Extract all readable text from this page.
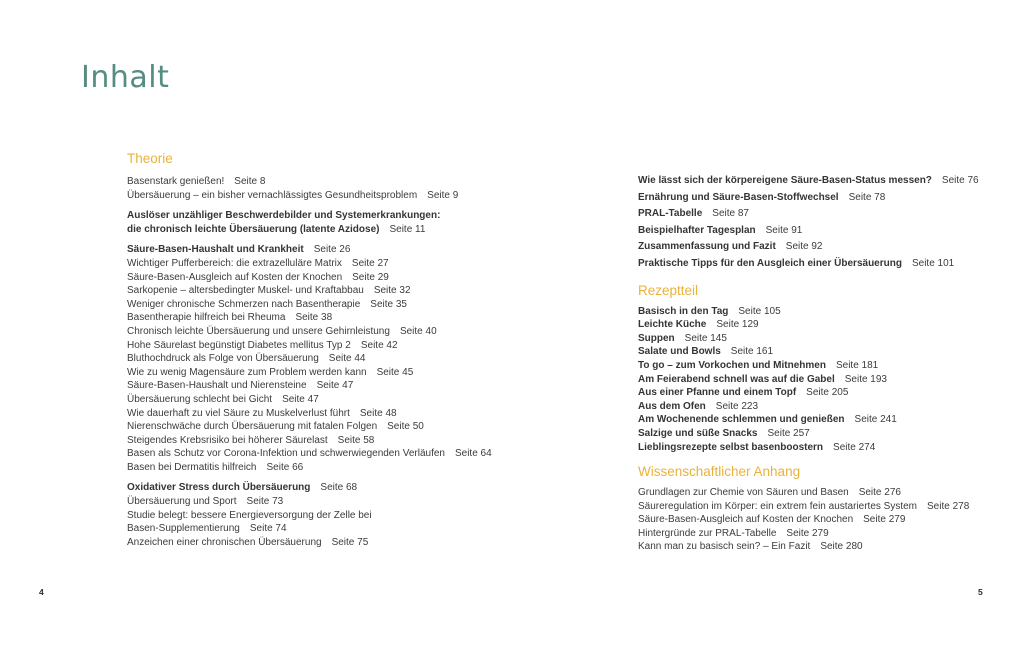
Inhalt
Theorie
Basenstark genießen! Seite 8
Übersäuerung – ein bisher vernachlässigtes Gesundheitsproblem Seite 9
Auslöser unzähliger Beschwerdebilder und Systemerkrankungen:
die chronisch leichte Übersäuerung (latente Azidose) Seite 11
Säure-Basen-Haushalt und Krankheit Seite 26
Wichtiger Pufferbereich: die extrazelluläre Matrix Seite 27
Säure-Basen-Ausgleich auf Kosten der Knochen Seite 29
Sarkopenie – altersbedingter Muskel- und Kraftabbau Seite 32
Weniger chronische Schmerzen nach Basentherapie Seite 35
Basentherapie hilfreich bei Rheuma Seite 38
Chronisch leichte Übersäuerung und unsere Gehirnleistung Seite 40
Hohe Säurelast begünstigt Diabetes mellitus Typ 2 Seite 42
Bluthochdruck als Folge von Übersäuerung Seite 44
Wie zu wenig Magensäure zum Problem werden kann Seite 45
Säure-Basen-Haushalt und Nierensteine Seite 47
Übersäuerung schlecht bei Gicht Seite 47
Wie dauerhaft zu viel Säure zu Muskelverlust führt Seite 48
Nierenschwäche durch Übersäuerung mit fatalen Folgen Seite 50
Steigendes Krebsrisiko bei höherer Säurelast Seite 58
Basen als Schutz vor Corona-Infektion und schwerwiegenden Verläufen Seite 64
Basen bei Dermatitis hilfreich Seite 66
Oxidativer Stress durch Übersäuerung Seite 68
Übersäuerung und Sport Seite 73
Studie belegt: bessere Energieversorgung der Zelle bei
Basen-Supplementierung Seite 74
Anzeichen einer chronischen Übersäuerung Seite 75
Wie lässt sich der körpereigene Säure-Basen-Status messen? Seite 76
Ernährung und Säure-Basen-Stoffwechsel Seite 78
PRAL-Tabelle Seite 87
Beispielhafter Tagesplan Seite 91
Zusammenfassung und Fazit Seite 92
Praktische Tipps für den Ausgleich einer Übersäuerung Seite 101
Rezeptteil
Basisch in den Tag Seite 105
Leichte Küche Seite 129
Suppen Seite 145
Salate und Bowls Seite 161
To go – zum Vorkochen und Mitnehmen Seite 181
Am Feierabend schnell was auf die Gabel Seite 193
Aus einer Pfanne und einem Topf Seite 205
Aus dem Ofen Seite 223
Am Wochenende schlemmen und genießen Seite 241
Salzige und süße Snacks Seite 257
Lieblingsrezepte selbst basenboostern Seite 274
Wissenschaftlicher Anhang
Grundlagen zur Chemie von Säuren und Basen Seite 276
Säureregulation im Körper: ein extrem fein austariertes System Seite 278
Säure-Basen-Ausgleich auf Kosten der Knochen Seite 279
Hintergründe zur PRAL-Tabelle Seite 279
Kann man zu basisch sein? – Ein Fazit Seite 280
4	5
